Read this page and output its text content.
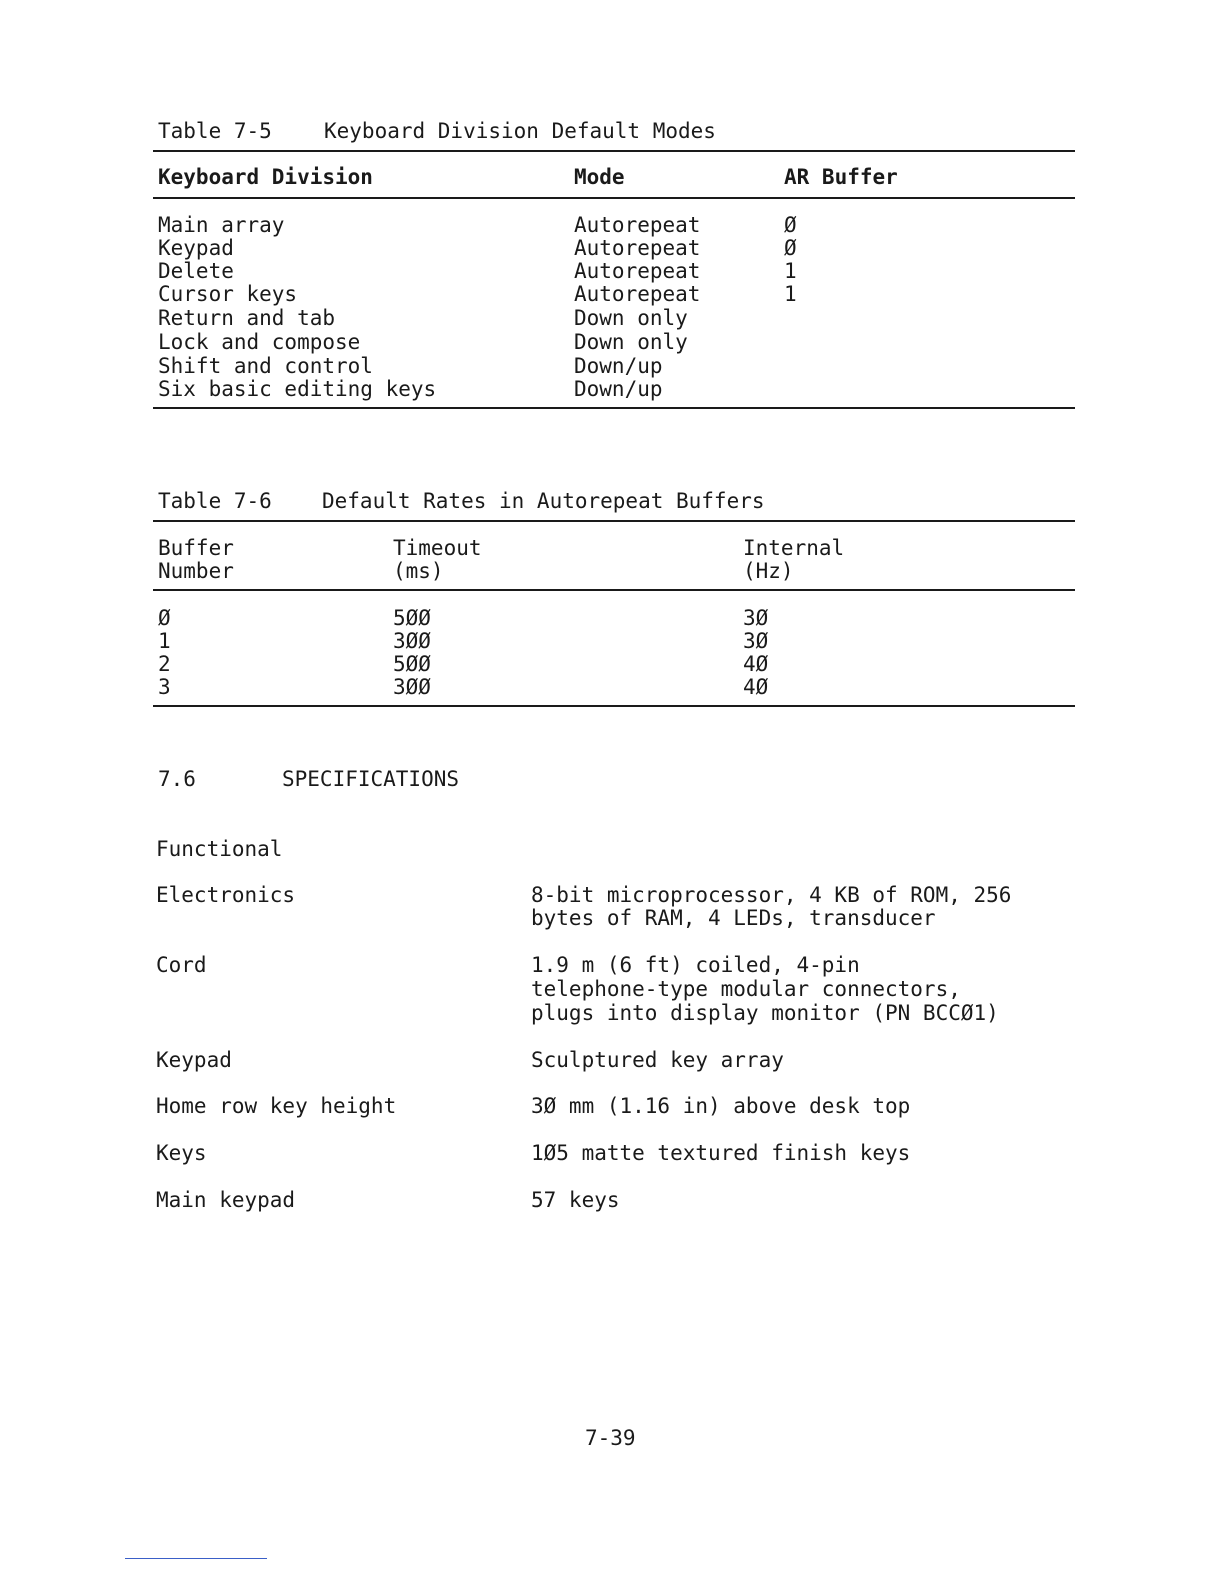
Table 7-5 Keyboard Division Default Modes
Keyboard Division	Mode	AR Buffer
Main array	Autorepeat	Ø
Keypad	Autorepeat	Ø
Delete	Autorepeat	1
Cursor keys	Autorepeat	1
Return and tab	Down only
Lock and compose	Down only
Shift and control	Down/up
Six basic editing keys	Down/up
Table 7-6 Default Rates in Autorepeat Buffers
Buffer	Timeout	Internal
Number	(ms)	(Hz)
Ø	5ØØ	3Ø
1	3ØØ	3Ø
2	5ØØ	4Ø
3	3ØØ	4Ø
7.6	SPECIFICATIONS
Functional
Electronics	8-bit microprocessor, 4 KB of ROM, 256
bytes of RAM, 4 LEDs, transducer
Cord	1.9 m (6 ft) coiled, 4-pin
telephone-type modular connectors,
plugs into display monitor (PN BCCØ1)
Keypad	Sculptured key array
Home row key height	3Ø mm (1.16 in) above desk top
Keys	1Ø5 matte textured finish keys
Main keypad	57 keys
7-39
